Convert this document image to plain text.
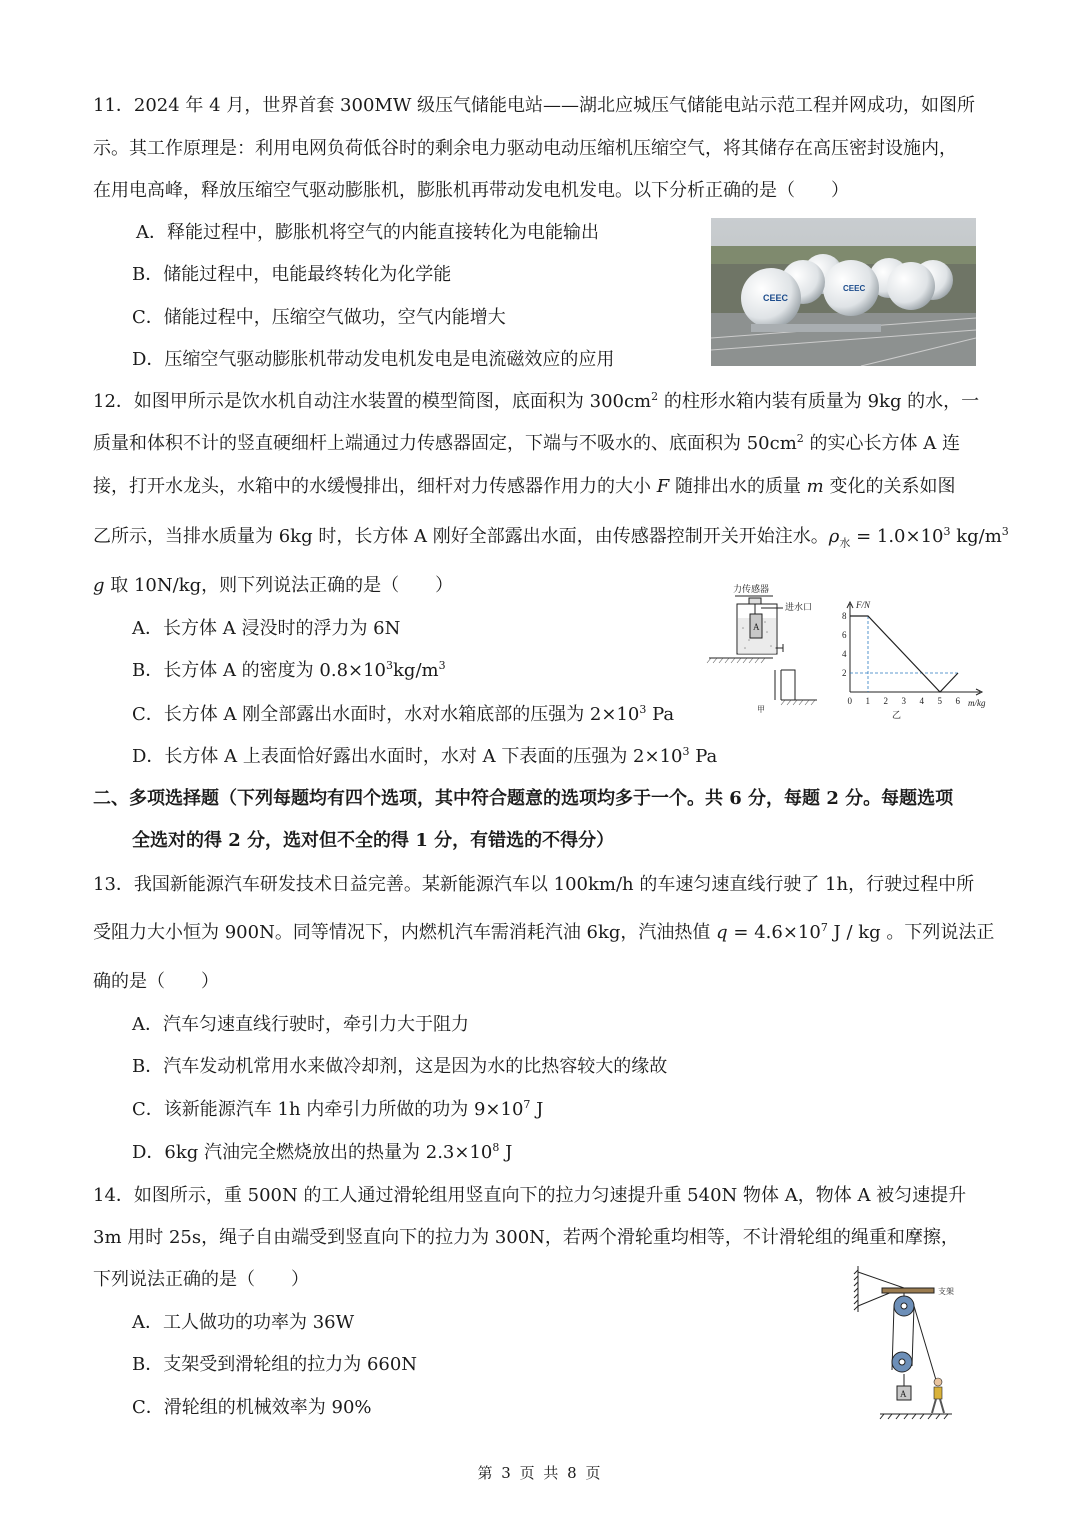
11．2024 年 4 月，世界首套 300MW 级压气储能电站——湖北应城压气储能电站示范工程并网成功，如图所
示。其工作原理是：利用电网负荷低谷时的剩余电力驱动电动压缩机压缩空气，将其储存在高压密封设施内，
在用电高峰，释放压缩空气驱动膨胀机，膨胀机再带动发电机发电。以下分析正确的是（　　）
A．释能过程中，膨胀机将空气的内能直接转化为电能输出
B．储能过程中，电能最终转化为化学能
C．储能过程中，压缩空气做功，空气内能增大
D．压缩空气驱动膨胀机带动发电机发电是电流磁效应的应用
CEEC
CEEC
12．如图甲所示是饮水机自动注水装置的模型简图，底面积为 $300cm^2$ 的柱形水箱内装有质量为 9kg 的水，一
质量和体积不计的竖直硬细杆上端通过力传感器固定，下端与不吸水的、底面积为 $50cm^2$ 的实心长方体 A 连
接，打开水龙头，水箱中的水缓慢排出，细杆对力传感器作用力的大小 F 随排出水的质量 m 变化的关系如图
乙所示，当排水质量为 6kg 时，长方体 A 刚好全部露出水面，由传感器控制开关开始注水。$\rho_水 = 1.0\times 10^3$ $kg/m^3$
g 取 10N/kg，则下列说法正确的是（　　）
A．长方体 A 浸没时的浮力为 6N
B．长方体 A 的密度为 $0.8\times 10^3kg/m^3$
C．长方体 A 刚全部露出水面时，水对水箱底部的压强为 $2\times 10^3$ Pa
D．长方体 A 上表面恰好露出水面时，水对 A 下表面的压强为 $2\times 10^3$ Pa
力传感器
进水口
甲
A
8
6
4
2
0 1 2 3 4 5 6
F/N
m/kg
乙
二、多项选择题（下列每题均有四个选项，其中符合题意的选项均多于一个。共 6 分，每题 2 分。每题选项
全选对的得 2 分，选对但不全的得 1 分，有错选的不得分）
13．我国新能源汽车研发技术日益完善。某新能源汽车以 100km/h 的车速匀速直线行驶了 1h，行驶过程中所
受阻力大小恒为 900N。同等情况下，内燃机汽车需消耗汽油 6kg，汽油热值 $q = 4.6\times 10^7$ J / kg 。下列说法正
确的是（　　）
A．汽车匀速直线行驶时，牵引力大于阻力
B．汽车发动机常用水来做冷却剂，这是因为水的比热容较大的缘故
C．该新能源汽车 1h 内牵引力所做的功为 $9\times 10^7$ J
D．6kg 汽油完全燃烧放出的热量为 $2.3\times 10^8$ J
14．如图所示，重 500N 的工人通过滑轮组用竖直向下的拉力匀速提升重 540N 物体 A，物体 A 被匀速提升
3m 用时 25s，绳子自由端受到竖直向下的拉力为 300N，若两个滑轮重均相等，不计滑轮组的绳重和摩擦，
下列说法正确的是（　　）
A．工人做功的功率为 36W
B．支架受到滑轮组的拉力为 660N
C．滑轮组的机械效率为 90%
A
支架
第 3 页 共 8 页
